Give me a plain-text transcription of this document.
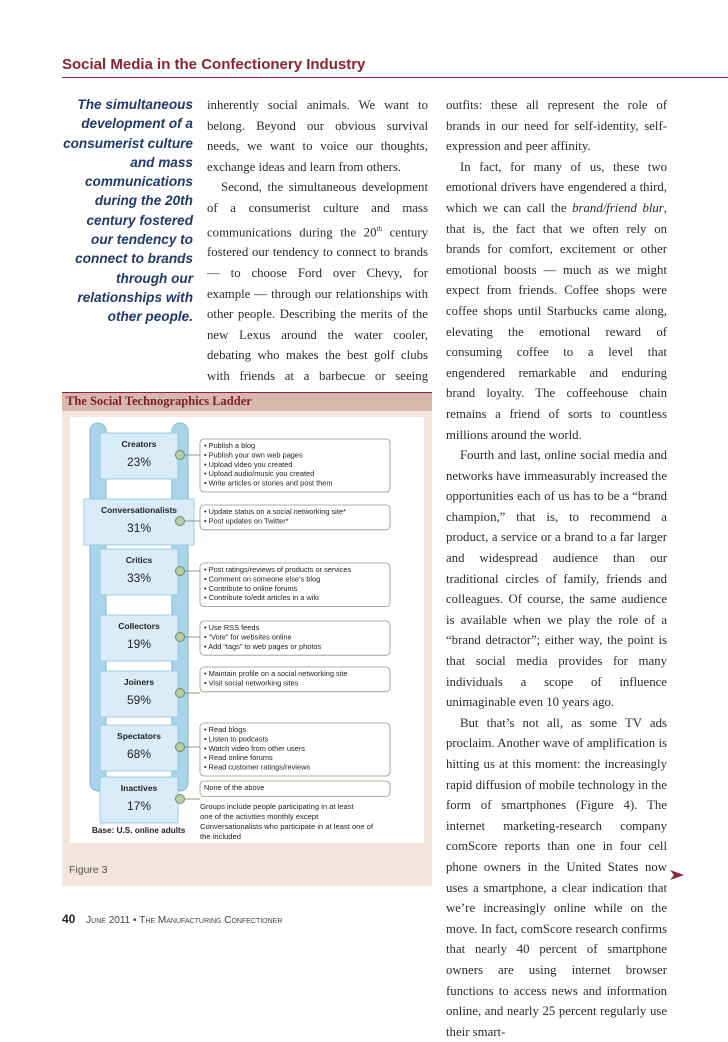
Social Media in the Confectionery Industry
The simultaneous development of a consumerist culture and mass communications during the 20th century fostered our tendency to connect to brands through our relationships with other people.

inherently social animals. We want to belong. Beyond our obvious survival needs, we want to voice our thoughts, exchange ideas and learn from others.

Second, the simultaneous development of a consumerist culture and mass communications during the 20th century fostered our tendency to connect to brands — to choose Ford over Chevy, for example — through our relationships with other people. Describing the merits of the new Lexus around the water cooler, debating who makes the best golf clubs with friends at a barbecue or seeing

outfits: these all represent the role of brands in our need for self-identity, self-expression and peer affinity.

In fact, for many of us, these two emotional drivers have engendered a third, which we can call the brand/friend blur, that is, the fact that we often rely on brands for comfort, excitement or other emotional boosts — much as we might expect from friends. Coffee shops were coffee shops until Starbucks came along, elevating the emotional reward of consuming coffee to a level that engendered remarkable and enduring brand loyalty. The coffeehouse chain remains a friend of sorts to countless millions around the world.

Fourth and last, online social media and networks have immeasurably increased the opportunities each of us has to be a “brand champion,” that is, to recommend a product, a service or a brand to a far larger and widespread audience than our traditional circles of family, friends and colleagues. Of course, the same audience is available when we play the role of a “brand detractor”; either way, the point is that social media provides for many individuals a scope of influence unimaginable even 10 years ago.

But that’s not all, as some TV ads proclaim. Another wave of amplification is hitting us at this moment: the increasingly rapid diffusion of mobile technology in the form of smartphones (Figure 4). The internet marketing-research company comScore reports than one in four cell phone owners in the United States now uses a smartphone, a clear indication that we’re increasingly online while on the move. In fact, comScore research confirms that nearly 40 percent of smartphone owners are using internet browser functions to access news and information online, and nearly 25 percent regularly use their smart-

The Social Technographics Ladder
Creators
23%
• Publish a blog
• Publish your own web pages
• Upload video you created
• Upload audio/music you created
• Write articles or stories and post them
Conversationalists
31%
• Update status on a social networking site*
• Post updates on Twitter*
Critics
33%
• Post ratings/reviews of products or services
• Comment on someone else’s blog
• Contribute to online forums
• Contribute to/edit articles in a wiki
Collectors
19%
• Use RSS feeds
• “Vote” for websites online
• Add “tags” to web pages or photos
Joiners
59%
• Maintain profile on a social networking site
• Visit social networking sites
Spectators
68%
• Read blogs
• Listen to podcasts
• Watch video from other users
• Read online forums
• Read customer ratings/reviews
Inactives
17%
None of the above
Groups include people participating in at least
one of the activities monthly except
Conversationalists who participate in at least one of
the included
Base: U.S. online adults
Figure 3
40 June 2011 • The Manufacturing Confectioner
